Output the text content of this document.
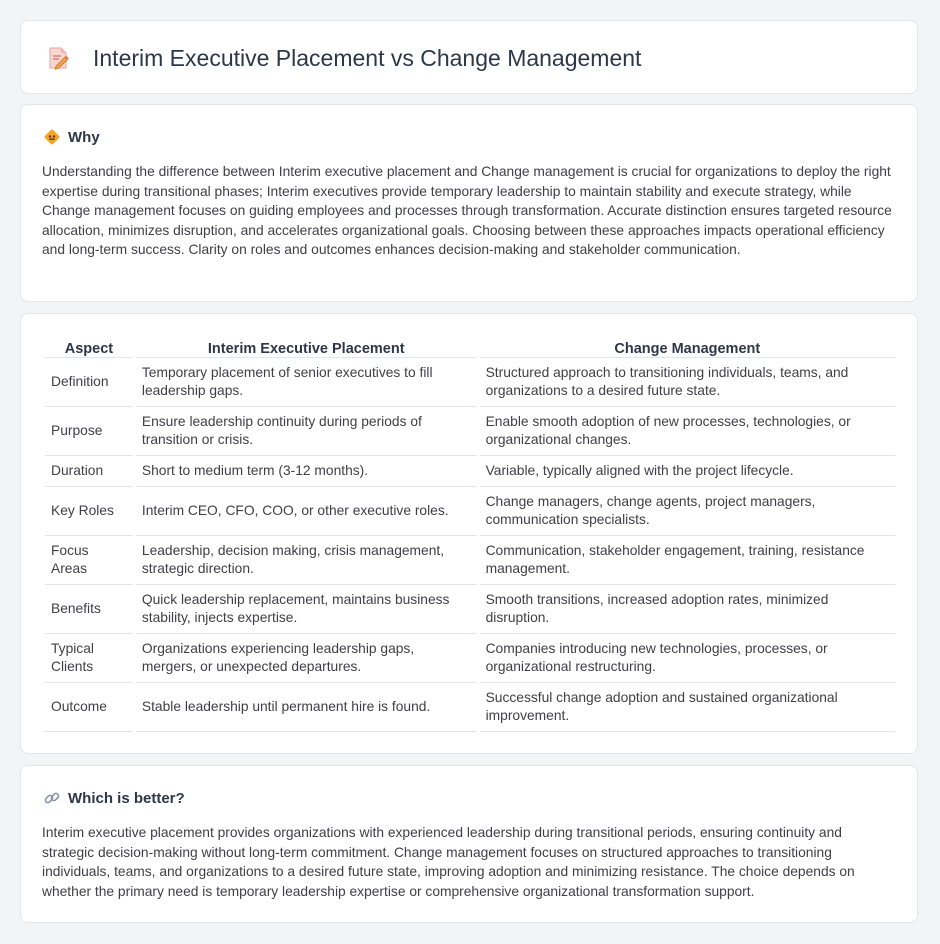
Interim Executive Placement vs Change Management
Why

Understanding the difference between Interim executive placement and Change management is crucial for organizations to deploy the right expertise during transitional phases; Interim executives provide temporary leadership to maintain stability and execute strategy, while Change management focuses on guiding employees and processes through transformation. Accurate distinction ensures targeted resource allocation, minimizes disruption, and accelerates organizational goals. Choosing between these approaches impacts operational efficiency and long-term success. Clarity on roles and outcomes enhances decision-making and stakeholder communication.

Aspect	Interim Executive Placement	Change Management
Definition	Temporary placement of senior executives to fill leadership gaps.	Structured approach to transitioning individuals, teams, and organizations to a desired future state.
Purpose	Ensure leadership continuity during periods of transition or crisis.	Enable smooth adoption of new processes, technologies, or organizational changes.
Duration	Short to medium term (3-12 months).	Variable, typically aligned with the project lifecycle.
Key Roles	Interim CEO, CFO, COO, or other executive roles.	Change managers, change agents, project managers, communication specialists.
Focus Areas	Leadership, decision making, crisis management, strategic direction.	Communication, stakeholder engagement, training, resistance management.
Benefits	Quick leadership replacement, maintains business stability, injects expertise.	Smooth transitions, increased adoption rates, minimized disruption.
Typical Clients	Organizations experiencing leadership gaps, mergers, or unexpected departures.	Companies introducing new technologies, processes, or organizational restructuring.
Outcome	Stable leadership until permanent hire is found.	Successful change adoption and sustained organizational improvement.
Which is better?

Interim executive placement provides organizations with experienced leadership during transitional periods, ensuring continuity and strategic decision-making without long-term commitment. Change management focuses on structured approaches to transitioning individuals, teams, and organizations to a desired future state, improving adoption and minimizing resistance. The choice depends on whether the primary need is temporary leadership expertise or comprehensive organizational transformation support.
